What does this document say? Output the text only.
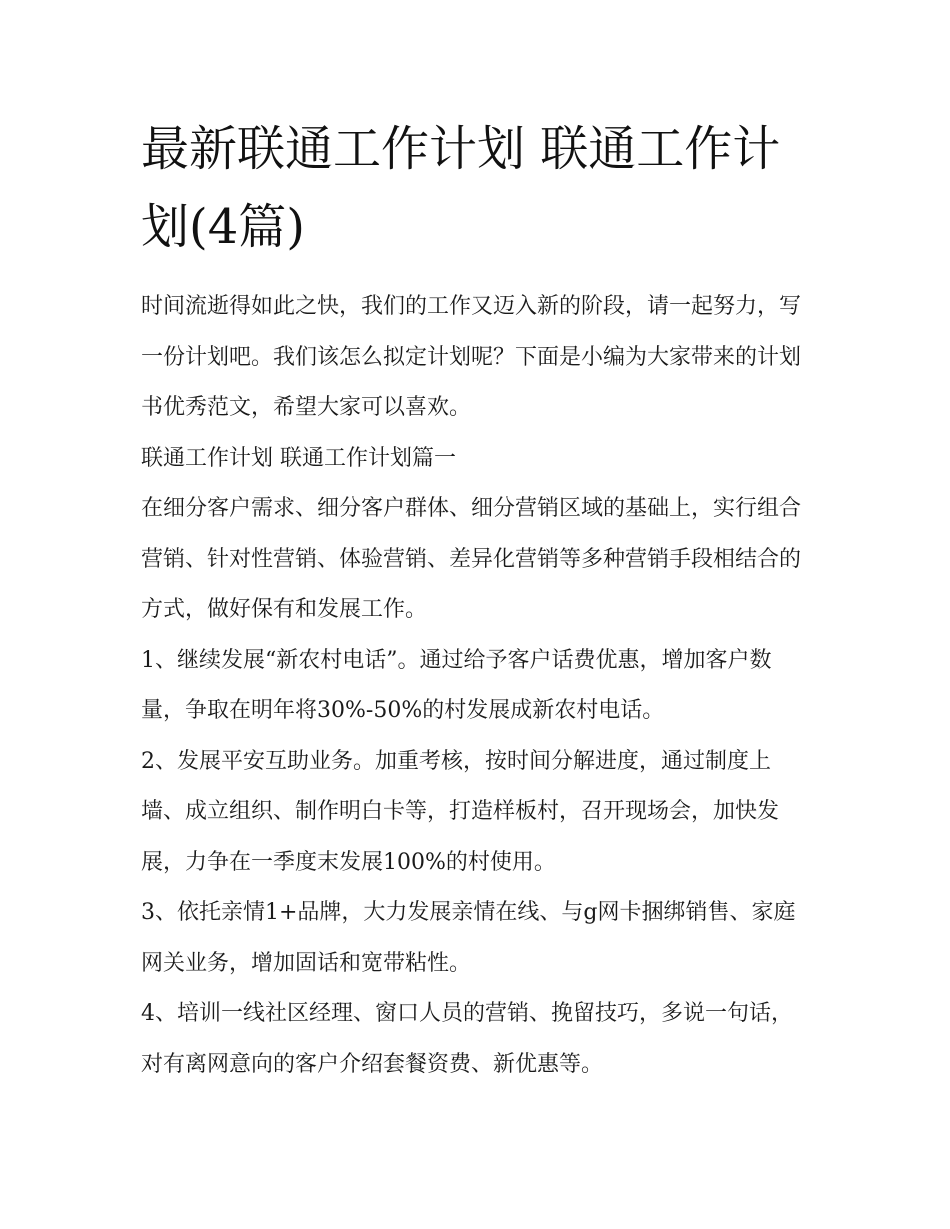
最新联通工作计划 联通工作计划(4篇)

时间流逝得如此之快，我们的工作又迈入新的阶段，请一起努力，写一份计划吧。我们该怎么拟定计划呢？下面是小编为大家带来的计划书优秀范文，希望大家可以喜欢。

联通工作计划 联通工作计划篇一

在细分客户需求、细分客户群体、细分营销区域的基础上，实行组合营销、针对性营销、体验营销、差异化营销等多种营销手段相结合的方式，做好保有和发展工作。

1、继续发展“新农村电话”。通过给予客户话费优惠，增加客户数量，争取在明年将30%-50%的村发展成新农村电话。

2、发展平安互助业务。加重考核，按时间分解进度，通过制度上墙、成立组织、制作明白卡等，打造样板村，召开现场会，加快发展，力争在一季度末发展100%的村使用。

3、依托亲情1+品牌，大力发展亲情在线、与g网卡捆绑销售、家庭网关业务，增加固话和宽带粘性。

4、培训一线社区经理、窗口人员的营销、挽留技巧，多说一句话，对有离网意向的客户介绍套餐资费、新优惠等。
